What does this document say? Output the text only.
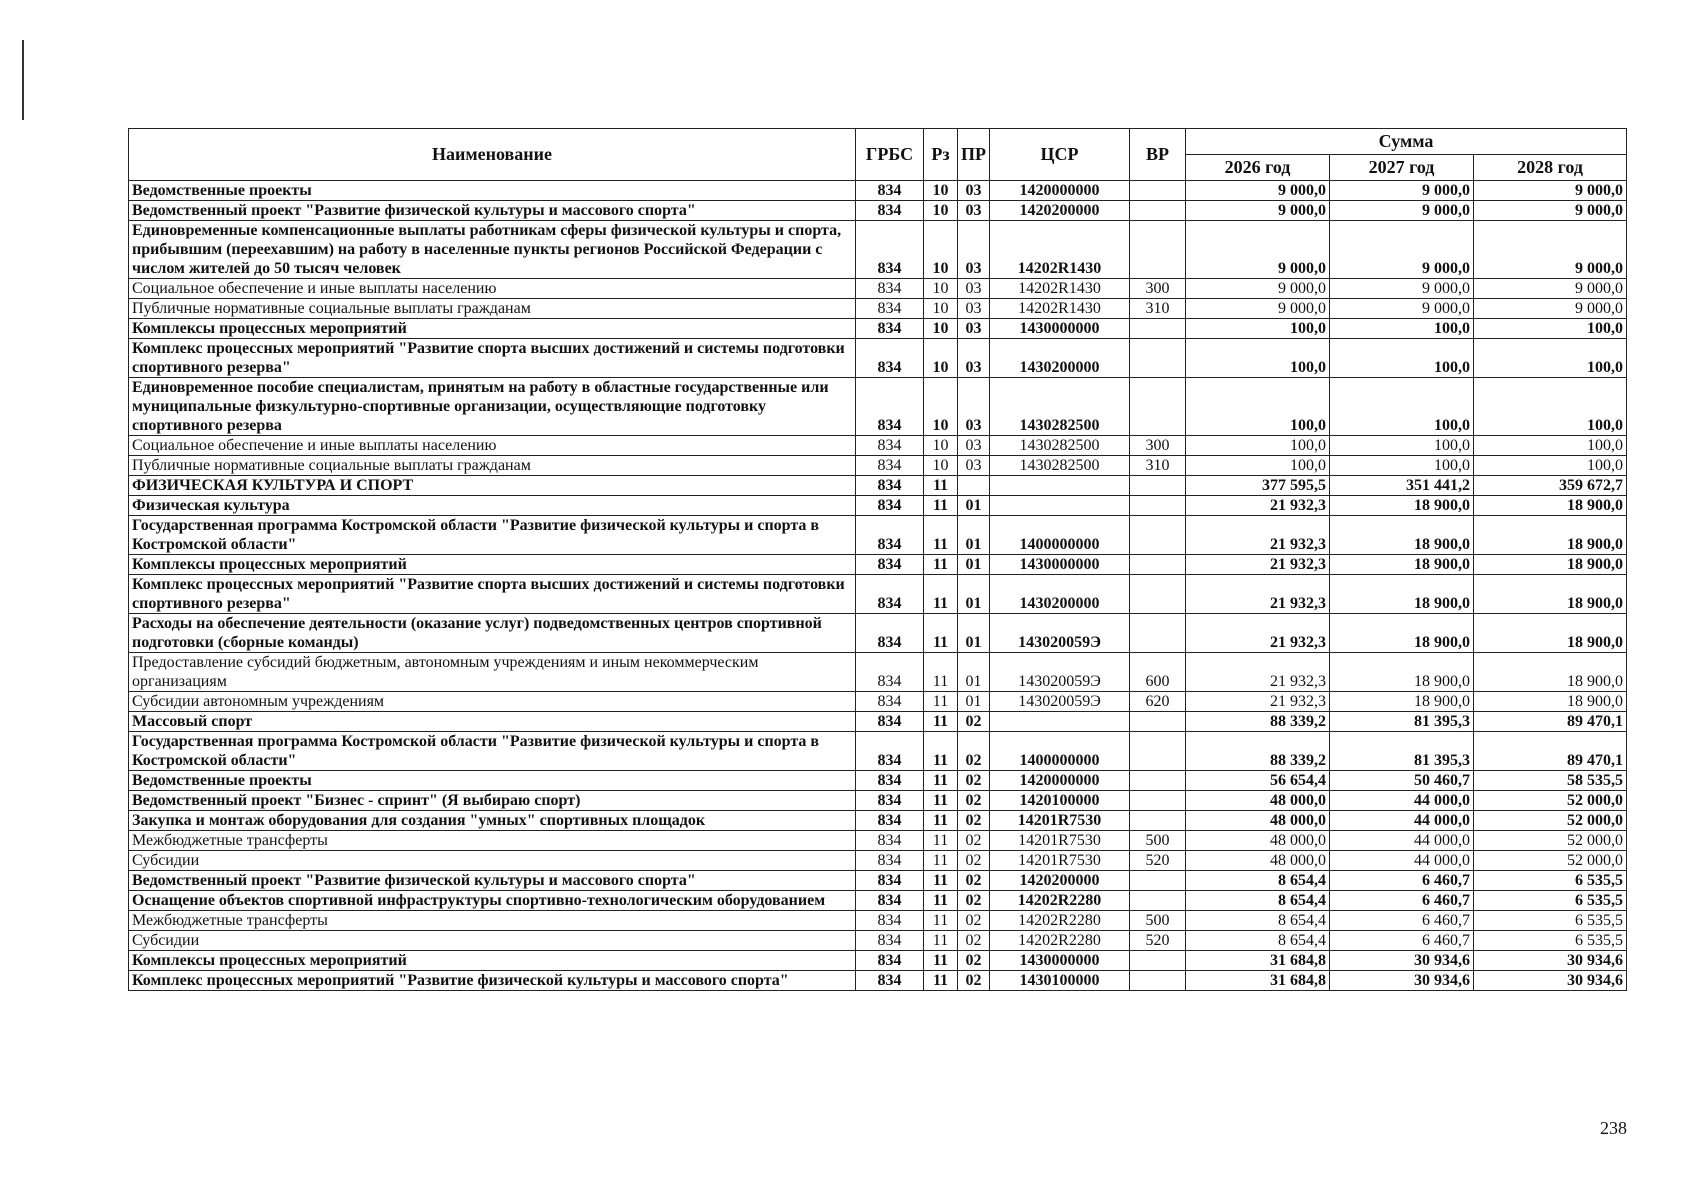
Наименование	ГРБС	Рз	ПР	ЦСР	ВР	Сумма		
						2026 год	2027 год	2028 год
Ведомственные проекты	834	10	03	1420000000		9 000,0	9 000,0	9 000,0
Ведомственный проект "Развитие физической культуры и массового спорта"	834	10	03	1420200000		9 000,0	9 000,0	9 000,0
Единовременные компенсационные выплаты работникам сферы физической культуры и спорта, прибывшим (переехавшим) на работу в населенные пункты регионов Российской Федерации с числом жителей до 50 тысяч человек	834	10	03	14202R1430		9 000,0	9 000,0	9 000,0
Социальное обеспечение и иные выплаты населению	834	10	03	14202R1430	300	9 000,0	9 000,0	9 000,0
Публичные нормативные социальные выплаты гражданам	834	10	03	14202R1430	310	9 000,0	9 000,0	9 000,0
Комплексы процессных мероприятий	834	10	03	1430000000		100,0	100,0	100,0
Комплекс процессных мероприятий "Развитие спорта высших достижений и системы подготовки спортивного резерва"	834	10	03	1430200000		100,0	100,0	100,0
Единовременное пособие специалистам, принятым на работу в областные государственные или муниципальные физкультурно-спортивные организации, осуществляющие подготовку спортивного резерва	834	10	03	1430282500		100,0	100,0	100,0
Социальное обеспечение и иные выплаты населению	834	10	03	1430282500	300	100,0	100,0	100,0
Публичные нормативные социальные выплаты гражданам	834	10	03	1430282500	310	100,0	100,0	100,0
ФИЗИЧЕСКАЯ КУЛЬТУРА И СПОРТ	834	11				377 595,5	351 441,2	359 672,7
Физическая культура	834	11	01			21 932,3	18 900,0	18 900,0
Государственная программа Костромской области "Развитие физической культуры и спорта в Костромской области"	834	11	01	1400000000		21 932,3	18 900,0	18 900,0
Комплексы процессных мероприятий	834	11	01	1430000000		21 932,3	18 900,0	18 900,0
Комплекс процессных мероприятий "Развитие спорта высших достижений и системы подготовки спортивного резерва"	834	11	01	1430200000		21 932,3	18 900,0	18 900,0
Расходы на обеспечение деятельности (оказание услуг) подведомственных центров спортивной подготовки (сборные команды)	834	11	01	143020059Э		21 932,3	18 900,0	18 900,0
Предоставление субсидий бюджетным, автономным учреждениям и иным некоммерческим организациям	834	11	01	143020059Э	600	21 932,3	18 900,0	18 900,0
Субсидии автономным учреждениям	834	11	01	143020059Э	620	21 932,3	18 900,0	18 900,0
Массовый спорт	834	11	02			88 339,2	81 395,3	89 470,1
Государственная программа Костромской области "Развитие физической культуры и спорта в Костромской области"	834	11	02	1400000000		88 339,2	81 395,3	89 470,1
Ведомственные проекты	834	11	02	1420000000		56 654,4	50 460,7	58 535,5
Ведомственный проект "Бизнес - спринт" (Я выбираю спорт)	834	11	02	1420100000		48 000,0	44 000,0	52 000,0
Закупка и монтаж оборудования для создания "умных" спортивных площадок	834	11	02	14201R7530		48 000,0	44 000,0	52 000,0
Межбюджетные трансферты	834	11	02	14201R7530	500	48 000,0	44 000,0	52 000,0
Субсидии	834	11	02	14201R7530	520	48 000,0	44 000,0	52 000,0
Ведомственный проект "Развитие физической культуры и массового спорта"	834	11	02	1420200000		8 654,4	6 460,7	6 535,5
Оснащение объектов спортивной инфраструктуры спортивно-технологическим оборудованием	834	11	02	14202R2280		8 654,4	6 460,7	6 535,5
Межбюджетные трансферты	834	11	02	14202R2280	500	8 654,4	6 460,7	6 535,5
Субсидии	834	11	02	14202R2280	520	8 654,4	6 460,7	6 535,5
Комплексы процессных мероприятий	834	11	02	1430000000		31 684,8	30 934,6	30 934,6
Комплекс процессных мероприятий "Развитие физической культуры и массового спорта"	834	11	02	1430100000		31 684,8	30 934,6	30 934,6
238
